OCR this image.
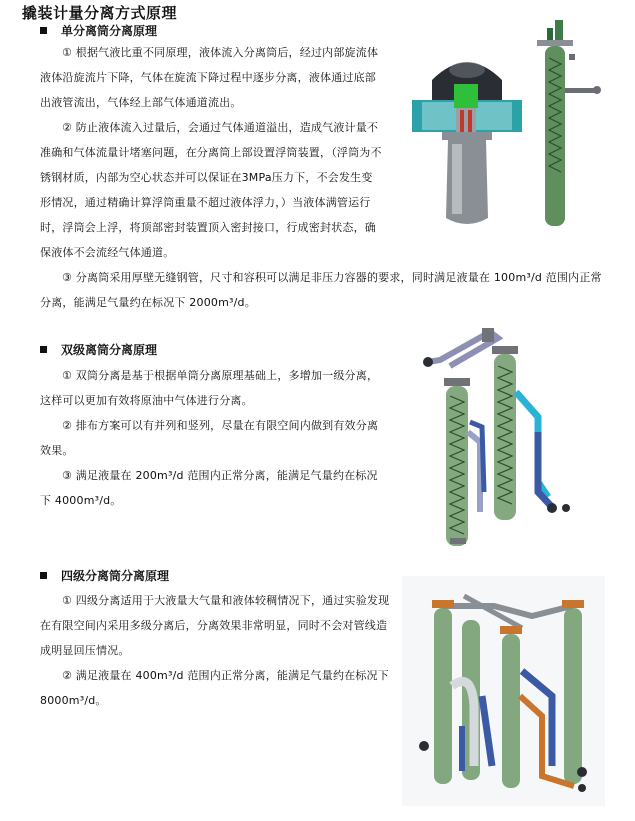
撬装计量分离方式原理
单分离筒分离原理

① 根据气液比重不同原理，液体流入分离筒后，经过内部旋流体液体沿旋流片下降，气体在旋流下降过程中逐步分离，液体通过底部出液管流出，气体经上部气体通道流出。

② 防止液体流入过量后，会通过气体通道溢出，造成气液计量不准确和气体流量计堵塞问题，在分离筒上部设置浮筒装置，（浮筒为不锈钢材质，内部为空心状态并可以保证在3MPa压力下，不会发生变形情况，通过精确计算浮筒重量不超过液体浮力，）当液体满管运行时，浮筒会上浮，将顶部密封装置顶入密封接口，行成密封状态，确保液体不会流经气体通道。

③ 分离筒采用厚壁无缝钢管，尺寸和容积可以满足非压力容器的要求，同时满足液量在 100m³/d 范围内正常分离，能满足气量约在标况下 2000m³/d。

双级离筒分离原理

① 双筒分离是基于根据单筒分离原理基础上，多增加一级分离，这样可以更加有效将原油中气体进行分离。

② 排布方案可以有并列和竖列，尽量在有限空间内做到有效分离效果。

③ 满足液量在 200m³/d 范围内正常分离，能满足气量约在标况下 4000m³/d。

四级分离筒分离原理

① 四级分离适用于大液量大气量和液体较稠情况下，通过实验发现在有限空间内采用多级分离后，分离效果非常明显，同时不会对管线造成明显回压情况。

② 满足液量在 400m³/d 范围内正常分离，能满足气量约在标况下 8000m³/d。
